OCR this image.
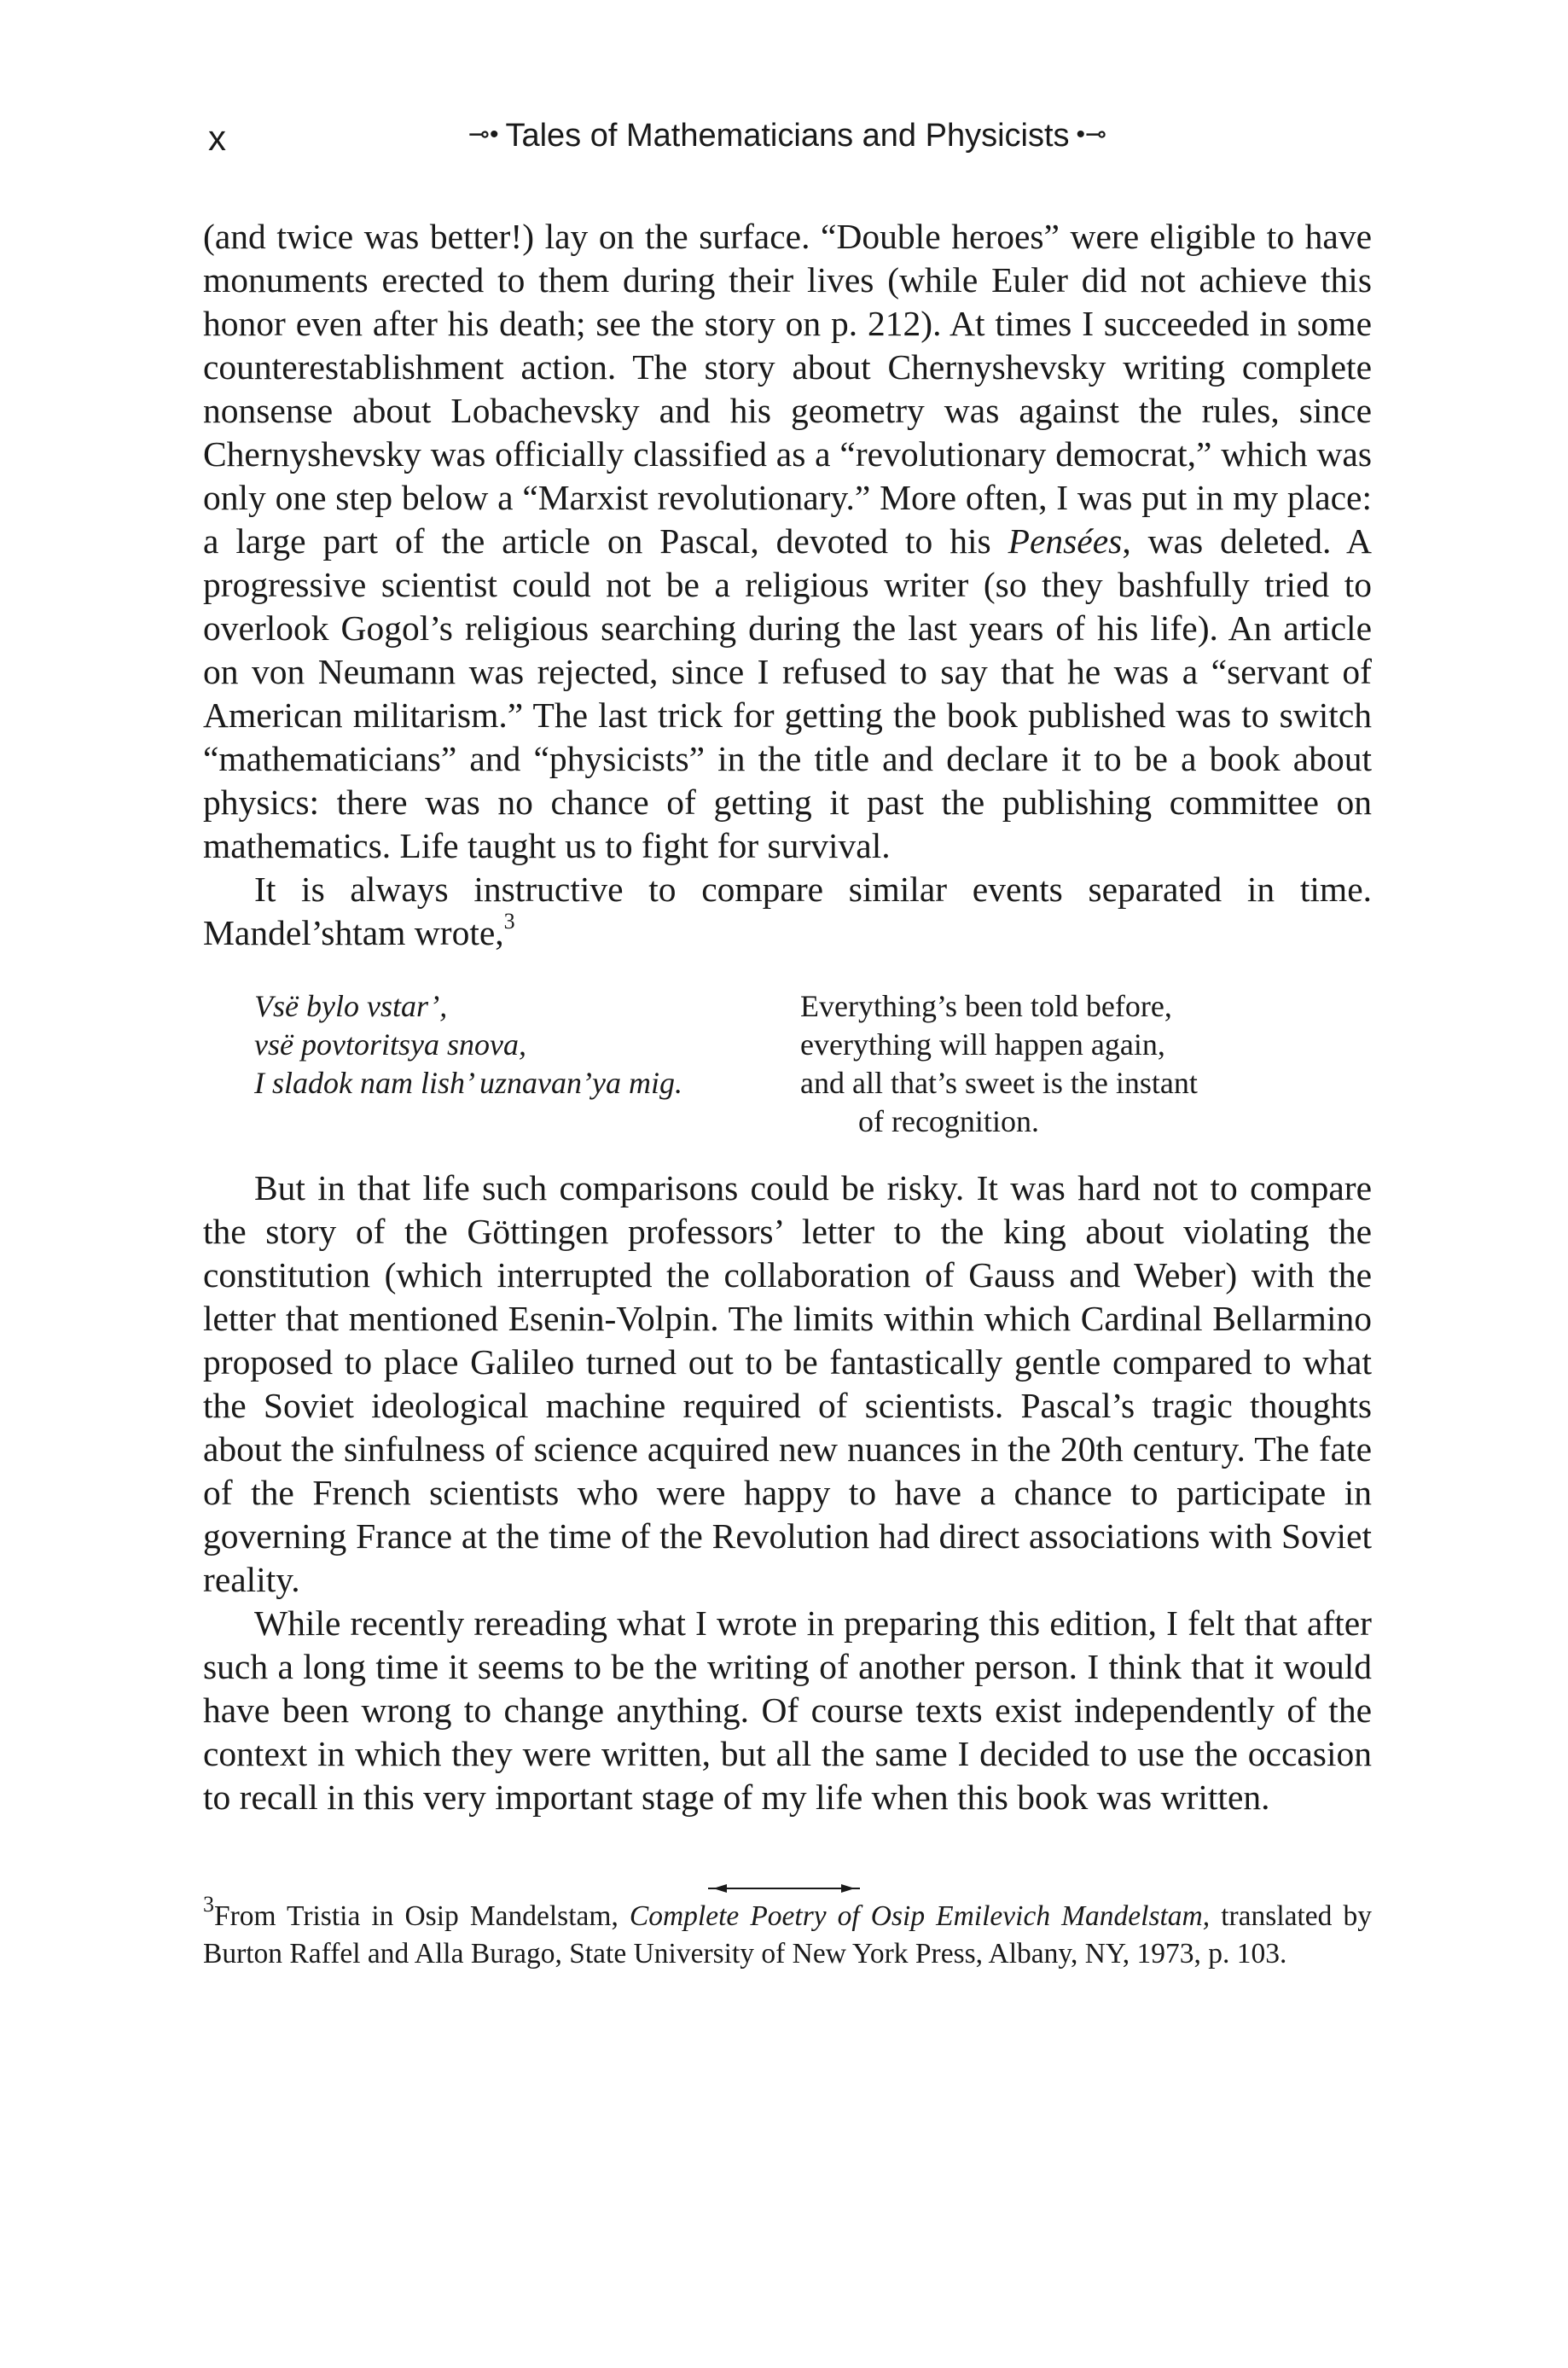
x	⊸• Tales of Mathematicians and Physicists •⊸

(and twice was better!) lay on the surface. “Double heroes” were eligible to have monuments erected to them during their lives (while Euler did not achieve this honor even after his death; see the story on p. 212). At times I succeeded in some counterestablishment action. The story about Chernyshevsky writing complete nonsense about Lobachevsky and his geometry was against the rules, since Chernyshevsky was officially classified as a “revolutionary democrat,” which was only one step below a “Marxist revolutionary.” More often, I was put in my place: a large part of the article on Pascal, devoted to his Pensées, was deleted. A progressive scientist could not be a religious writer (so they bashfully tried to overlook Gogol’s religious searching during the last years of his life). An article on von Neumann was rejected, since I refused to say that he was a “servant of American militarism.” The last trick for getting the book published was to switch “mathematicians” and “physicists” in the title and declare it to be a book about physics: there was no chance of getting it past the publishing committee on mathematics. Life taught us to fight for survival.

It is always instructive to compare similar events separated in time. Mandel’shtam wrote,$^3$

Vsë bylo vstar’,
vsë povtoritsya snova,
I sladok nam lish’ uznavan’ya mig.
Everything’s been told before,
everything will happen again,
and all that’s sweet is the instant
of recognition.

But in that life such comparisons could be risky. It was hard not to compare the story of the Göttingen professors’ letter to the king about violating the constitution (which interrupted the collaboration of Gauss and Weber) with the letter that mentioned Esenin-Volpin. The limits within which Cardinal Bellarmino proposed to place Galileo turned out to be fantastically gentle compared to what the Soviet ideological machine required of scientists. Pascal’s tragic thoughts about the sinfulness of science acquired new nuances in the 20th century. The fate of the French scientists who were happy to have a chance to participate in governing France at the time of the Revolution had direct associations with Soviet reality.

While recently rereading what I wrote in preparing this edition, I felt that after such a long time it seems to be the writing of another person. I think that it would have been wrong to change anything. Of course texts exist independently of the context in which they were written, but all the same I decided to use the occasion to recall in this very important stage of my life when this book was written.

$^3$From Tristia in Osip Mandelstam, Complete Poetry of Osip Emilevich Mandelstam, translated by Burton Raffel and Alla Burago, State University of New York Press, Albany, NY, 1973, p. 103.
